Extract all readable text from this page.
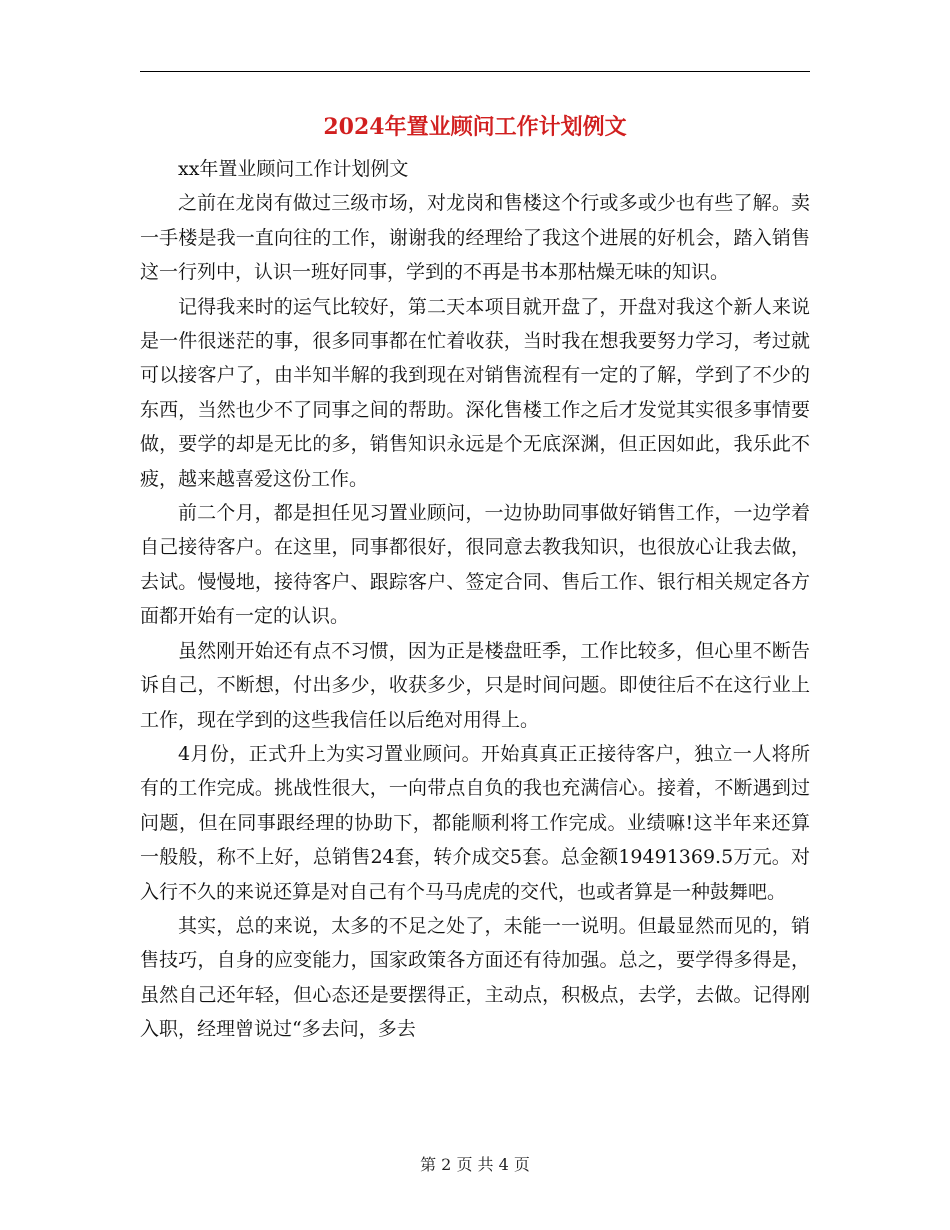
2024年置业顾问工作计划例文

xx年置业顾问工作计划例文

之前在龙岗有做过三级市场，对龙岗和售楼这个行或多或少也有些了解。卖一手楼是我一直向往的工作，谢谢我的经理给了我这个进展的好机会，踏入销售这一行列中，认识一班好同事，学到的不再是书本那枯燥无味的知识。

记得我来时的运气比较好，第二天本项目就开盘了，开盘对我这个新人来说是一件很迷茫的事，很多同事都在忙着收获，当时我在想我要努力学习，考过就可以接客户了，由半知半解的我到现在对销售流程有一定的了解，学到了不少的东西，当然也少不了同事之间的帮助。深化售楼工作之后才发觉其实很多事情要做，要学的却是无比的多，销售知识永远是个无底深渊，但正因如此，我乐此不疲，越来越喜爱这份工作。

前二个月，都是担任见习置业顾问，一边协助同事做好销售工作，一边学着自己接待客户。在这里，同事都很好，很同意去教我知识，也很放心让我去做，去试。慢慢地，接待客户、跟踪客户、签定合同、售后工作、银行相关规定各方面都开始有一定的认识。

虽然刚开始还有点不习惯，因为正是楼盘旺季，工作比较多，但心里不断告诉自己，不断想，付出多少，收获多少，只是时间问题。即使往后不在这行业上工作，现在学到的这些我信任以后绝对用得上。

4月份，正式升上为实习置业顾问。开始真真正正接待客户，独立一人将所有的工作完成。挑战性很大，一向带点自负的我也充满信心。接着，不断遇到过问题，但在同事跟经理的协助下，都能顺利将工作完成。业绩嘛!这半年来还算一般般，称不上好，总销售24套，转介成交5套。总金额19491369.5万元。对入行不久的来说还算是对自己有个马马虎虎的交代，也或者算是一种鼓舞吧。

其实，总的来说，太多的不足之处了，未能一一说明。但最显然而见的，销售技巧，自身的应变能力，国家政策各方面还有待加强。总之，要学得多得是，虽然自己还年轻，但心态还是要摆得正，主动点，积极点，去学，去做。记得刚入职，经理曾说过“多去问，多去

第 2 页 共 4 页
